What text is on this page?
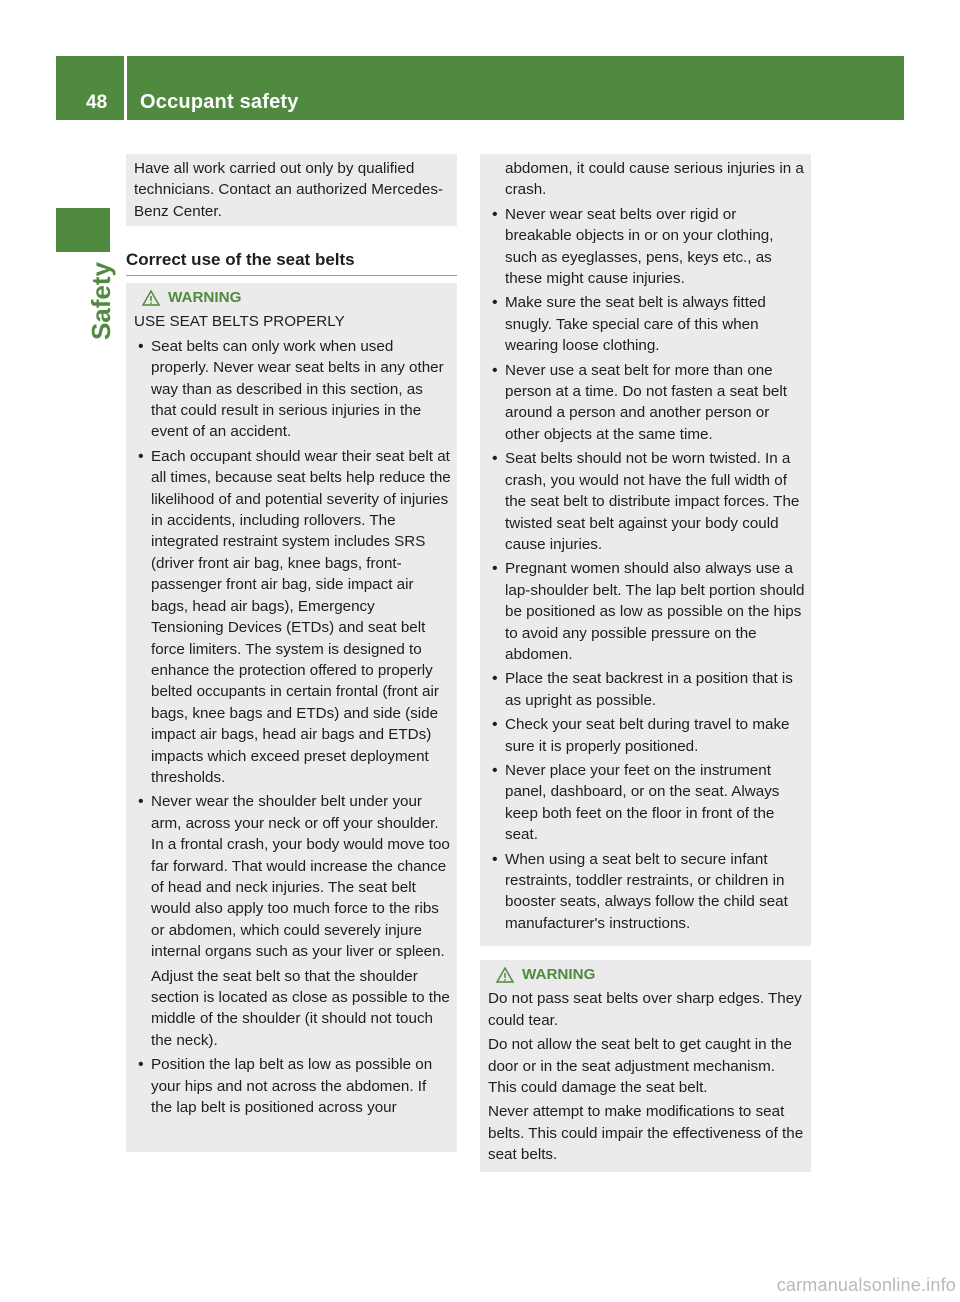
48 Occupant safety
Safety

Have all work carried out only by qualified technicians. Contact an authorized Mercedes-Benz Center.

Correct use of the seat belts
WARNING

USE SEAT BELTS PROPERLY

• Seat belts can only work when used properly. Never wear seat belts in any other way than as described in this section, as that could result in serious injuries in the event of an accident.
• Each occupant should wear their seat belt at all times, because seat belts help reduce the likelihood of and potential severity of injuries in accidents, including rollovers. The integrated restraint system includes SRS (driver front air bag, knee bags, front-passenger front air bag, side impact air bags, head air bags), Emergency Tensioning Devices (ETDs) and seat belt force limiters. The system is designed to enhance the protection offered to properly belted occupants in certain frontal (front air bags, knee bags and ETDs) and side (side impact air bags, head air bags and ETDs) impacts which exceed preset deployment thresholds.
• Never wear the shoulder belt under your arm, across your neck or off your shoulder. In a frontal crash, your body would move too far forward. That would increase the chance of head and neck injuries. The seat belt would also apply too much force to the ribs or abdomen, which could severely injure internal organs such as your liver or spleen.

Adjust the seat belt so that the shoulder section is located as close as possible to the middle of the shoulder (it should not touch the neck).

• Position the lap belt as low as possible on your hips and not across the abdomen. If the lap belt is positioned across your

abdomen, it could cause serious injuries in a crash.

• Never wear seat belts over rigid or breakable objects in or on your clothing, such as eyeglasses, pens, keys etc., as these might cause injuries.
• Make sure the seat belt is always fitted snugly. Take special care of this when wearing loose clothing.
• Never use a seat belt for more than one person at a time. Do not fasten a seat belt around a person and another person or other objects at the same time.
• Seat belts should not be worn twisted. In a crash, you would not have the full width of the seat belt to distribute impact forces. The twisted seat belt against your body could cause injuries.
• Pregnant women should also always use a lap-shoulder belt. The lap belt portion should be positioned as low as possible on the hips to avoid any possible pressure on the abdomen.
• Place the seat backrest in a position that is as upright as possible.
• Check your seat belt during travel to make sure it is properly positioned.
• Never place your feet on the instrument panel, dashboard, or on the seat. Always keep both feet on the floor in front of the seat.
• When using a seat belt to secure infant restraints, toddler restraints, or children in booster seats, always follow the child seat manufacturer's instructions.
WARNING

Do not pass seat belts over sharp edges. They could tear.

Do not allow the seat belt to get caught in the door or in the seat adjustment mechanism. This could damage the seat belt.

Never attempt to make modifications to seat belts. This could impair the effectiveness of the seat belts.

carmanualsonline.info
